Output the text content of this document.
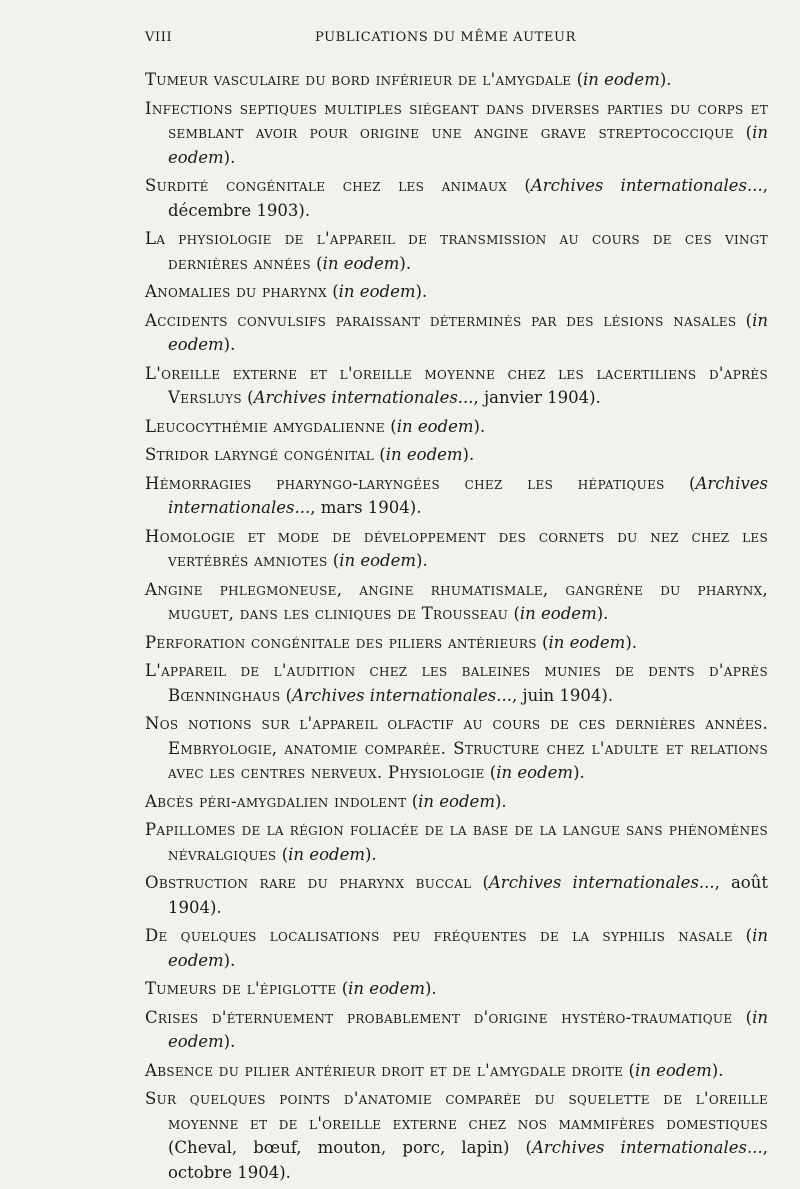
VIII	PUBLICATIONS DU MÊME AUTEUR
Tumeur vasculaire du bord inférieur de l'amygdale (in eodem).
Infections septiques multiples siégeant dans diverses parties du corps et semblant avoir pour origine une angine grave streptococcique (in eodem).
Surdité congénitale chez les animaux (Archives internationales..., décembre 1903).
La physiologie de l'appareil de transmission au cours de ces vingt dernières années (in eodem).
Anomalies du pharynx (in eodem).
Accidents convulsifs paraissant déterminés par des lésions nasales (in eodem).
L'oreille externe et l'oreille moyenne chez les lacertiliens d'après Versluys (Archives internationales..., janvier 1904).
Leucocythémie amygdalienne (in eodem).
Stridor laryngé congénital (in eodem).
Hémorragies pharyngo-laryngées chez les hépatiques (Archives internationales..., mars 1904).
Homologie et mode de développement des cornets du nez chez les vertébrés amniotes (in eodem).
Angine phlegmoneuse, angine rhumatismale, gangrène du pharynx, muguet, dans les cliniques de Trousseau (in eodem).
Perforation congénitale des piliers antérieurs (in eodem).
L'appareil de l'audition chez les baleines munies de dents d'après Bœnninghaus (Archives internationales..., juin 1904).
Nos notions sur l'appareil olfactif au cours de ces dernières années. Embryologie, anatomie comparée. Structure chez l'adulte et relations avec les centres nerveux. Physiologie (in eodem).
Abcès péri-amygdalien indolent (in eodem).
Papillomes de la région foliacée de la base de la langue sans phénomènes névralgiques (in eodem).
Obstruction rare du pharynx buccal (Archives internationales..., août 1904).
De quelques localisations peu fréquentes de la syphilis nasale (in eodem).
Tumeurs de l'épiglotte (in eodem).
Crises d'éternuement probablement d'origine hystéro-traumatique (in eodem).
Absence du pilier antérieur droit et de l'amygdale droite (in eodem).
Sur quelques points d'anatomie comparée du squelette de l'oreille moyenne et de l'oreille externe chez nos mammifères domestiques (Cheval, bœuf, mouton, porc, lapin) (Archives internationales..., octobre 1904).
